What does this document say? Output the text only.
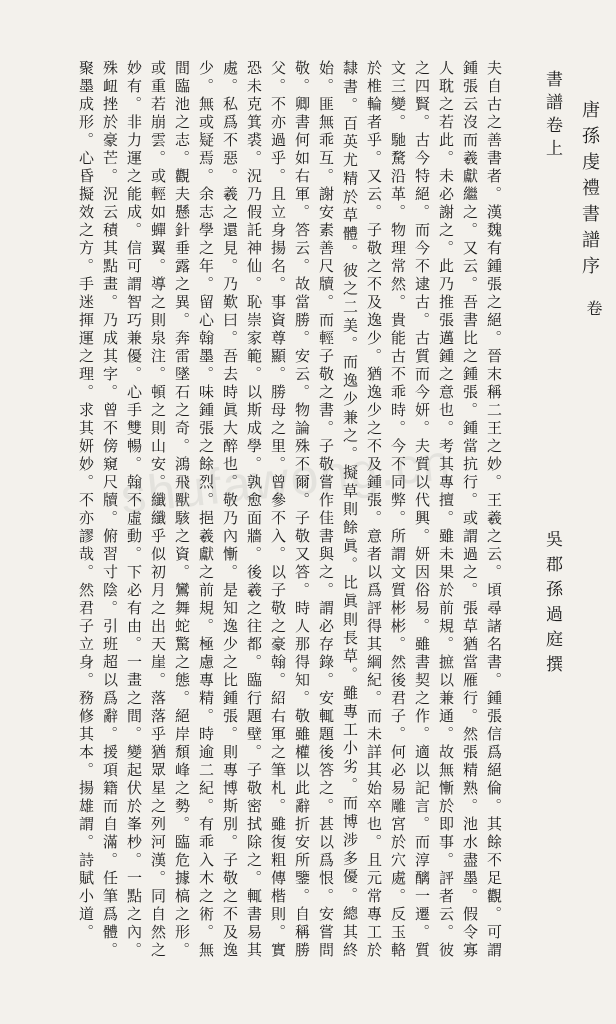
唐孫虔禮書譜序
卷
書譜卷上
吳郡孫過庭撰

夫自古之善書者。漢魏有鍾張之絕。晉末稱二王之妙。王羲之云。頃尋諸名書。鍾張信爲絕倫。其餘不足觀。可謂鍾張云沒而羲獻繼之。又云。吾書比之鍾張。鍾當抗行。或謂過之。張草猶當雁行。然張精熟。池水盡墨。假令寡人耽之若此。未必謝之。此乃推張邁鍾之意也。考其專擅。雖未果於前規。摭以兼通。故無慚於即事。評者云。彼之四賢。古今特絕。而今不逮古。古質而今妍。夫質以代興。妍因俗易。雖書契之作。適以記言。而淳醨一遷。質文三變。馳騖沿革。物理常然。貴能古不乖時。今不同弊。所謂文質彬彬。然後君子。何必易雕宮於穴處。反玉輅於椎輪者乎。又云。子敬之不及逸少。猶逸少之不及鍾張。意者以爲評得其綱紀。而未詳其始卒也。且元常專工於隸書。百英尤精於草體。彼之二美。而逸少兼之。擬草則餘眞。比眞則長草。雖專工小劣。而博涉多優。總其終始。匪無乖互。謝安素善尺牘。而輕子敬之書。子敬嘗作佳書與之。謂必存錄。安輒題後答之。甚以爲恨。安嘗問敬。卿書何如右軍。答云。故當勝。安云。物論殊不爾。子敬又答。時人那得知。敬雖權以此辭折安所鑒。自稱勝父。不亦過乎。且立身揚名。事資尊顯。勝母之里。曾參不入。以子敬之豪翰。紹右軍之筆札。雖復粗傳楷則。實恐未克箕裘。況乃假託神仙。恥崇家範。以斯成學。孰愈面牆。後羲之往都。臨行題壁。子敬密拭除之。輒書易其處。私爲不惡。羲之還見。乃歎曰。吾去時眞大醉也。敬乃內慚。是知逸少之比鍾張。則專博斯別。子敬之不及逸少。無或疑焉。余志學之年。留心翰墨。味鍾張之餘烈。挹羲獻之前規。極慮專精。時逾二紀。有乖入木之術。無間臨池之志。觀夫懸針垂露之異。奔雷墜石之奇。鴻飛獸駭之資。鸞舞蛇驚之態。絕岸頹峰之勢。臨危據槁之形。或重若崩雲。或輕如蟬翼。導之則泉注。頓之則山安。纖纖乎似初月之出天崖。落落乎猶眾星之列河漢。同自然之妙有。非力運之能成。信可謂智巧兼優。心手雙暢。翰不虛動。下必有由。一畫之間。變起伏於峯杪。一點之內。殊衄挫於豪芒。況云積其點畫。乃成其字。曾不傍窺尺牘。俯習寸陰。引班超以爲辭。援項籍而自滿。任筆爲體。聚墨成形。心昏擬效之方。手迷揮運之理。求其妍妙。不亦謬哉。然君子立身。務修其本。揚雄謂。詩賦小道。 shufawong.cn
